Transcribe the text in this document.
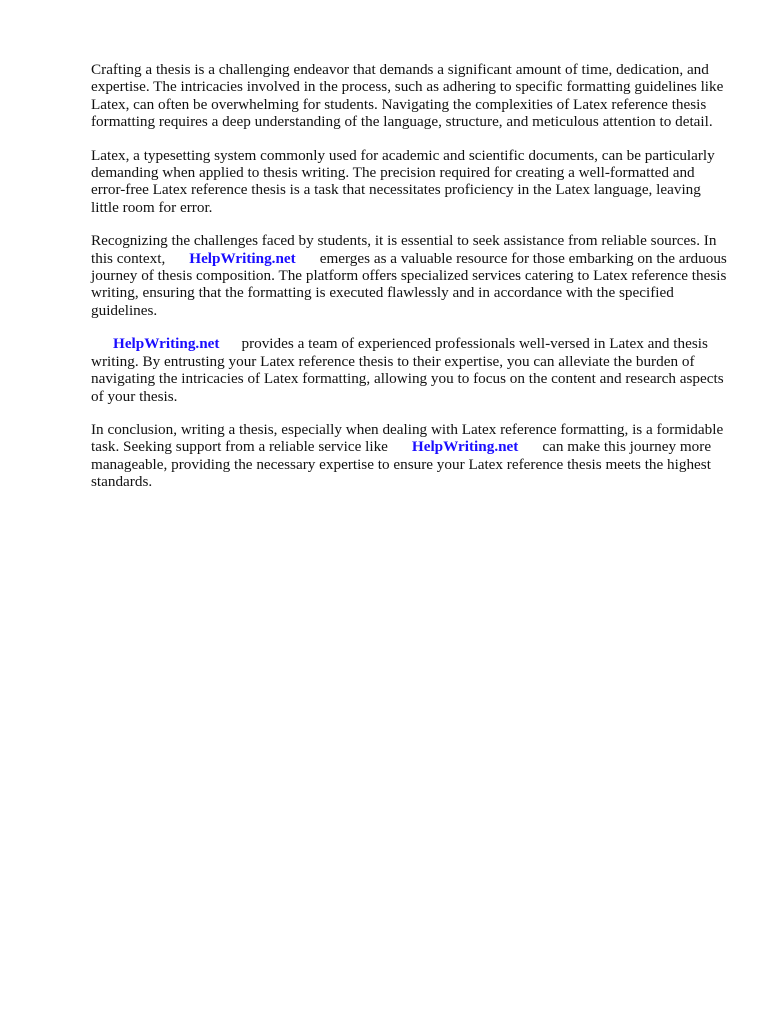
Crafting a thesis is a challenging endeavor that demands a significant amount of time, dedication, and expertise. The intricacies involved in the process, such as adhering to specific formatting guidelines like Latex, can often be overwhelming for students. Navigating the complexities of Latex reference thesis formatting requires a deep understanding of the language, structure, and meticulous attention to detail.

Latex, a typesetting system commonly used for academic and scientific documents, can be particularly demanding when applied to thesis writing. The precision required for creating a well-formatted and error-free Latex reference thesis is a task that necessitates proficiency in the Latex language, leaving little room for error.

Recognizing the challenges faced by students, it is essential to seek assistance from reliable sources. In this context, HelpWriting.net emerges as a valuable resource for those embarking on the arduous journey of thesis composition. The platform offers specialized services catering to Latex reference thesis writing, ensuring that the formatting is executed flawlessly and in accordance with the specified guidelines.

HelpWriting.net provides a team of experienced professionals well-versed in Latex and thesis writing. By entrusting your Latex reference thesis to their expertise, you can alleviate the burden of navigating the intricacies of Latex formatting, allowing you to focus on the content and research aspects of your thesis.

In conclusion, writing a thesis, especially when dealing with Latex reference formatting, is a formidable task. Seeking support from a reliable service like HelpWriting.net can make this journey more manageable, providing the necessary expertise to ensure your Latex reference thesis meets the highest standards.
